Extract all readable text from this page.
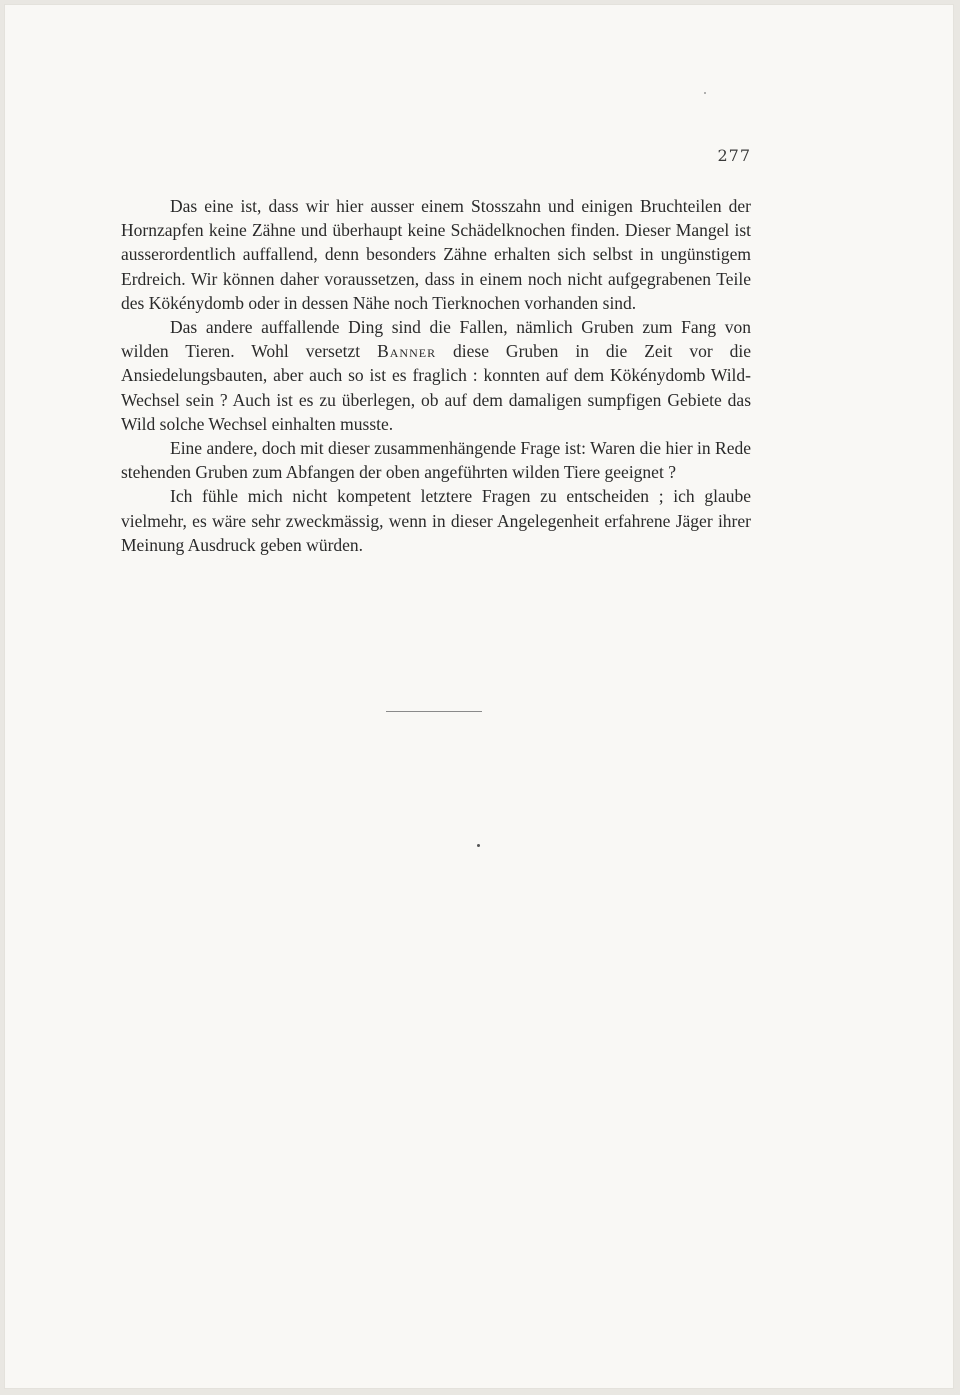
277

Das eine ist, dass wir hier ausser einem Stosszahn und einigen Bruchteilen der Hornzapfen keine Zähne und überhaupt keine Schädelknochen finden. Dieser Mangel ist ausserordentlich auffallend, denn besonders Zähne erhalten sich selbst in ungünstigem Erdreich. Wir können daher voraussetzen, dass in einem noch nicht aufgegrabenen Teile des Kökénydomb oder in dessen Nähe noch Tierknochen vorhanden sind.

Das andere auffallende Ding sind die Fallen, nämlich Gruben zum Fang von wilden Tieren. Wohl versetzt Banner diese Gruben in die Zeit vor die Ansiedelungsbauten, aber auch so ist es fraglich : konnten auf dem Kökénydomb Wild-Wechsel sein ? Auch ist es zu überlegen, ob auf dem damaligen sumpfigen Gebiete das Wild solche Wechsel einhalten musste.

Eine andere, doch mit dieser zusammenhängende Frage ist: Waren die hier in Rede stehenden Gruben zum Abfangen der oben angeführten wilden Tiere geeignet ?

Ich fühle mich nicht kompetent letztere Fragen zu entscheiden ; ich glaube vielmehr, es wäre sehr zweckmässig, wenn in dieser Angelegenheit erfahrene Jäger ihrer Meinung Ausdruck geben würden.
